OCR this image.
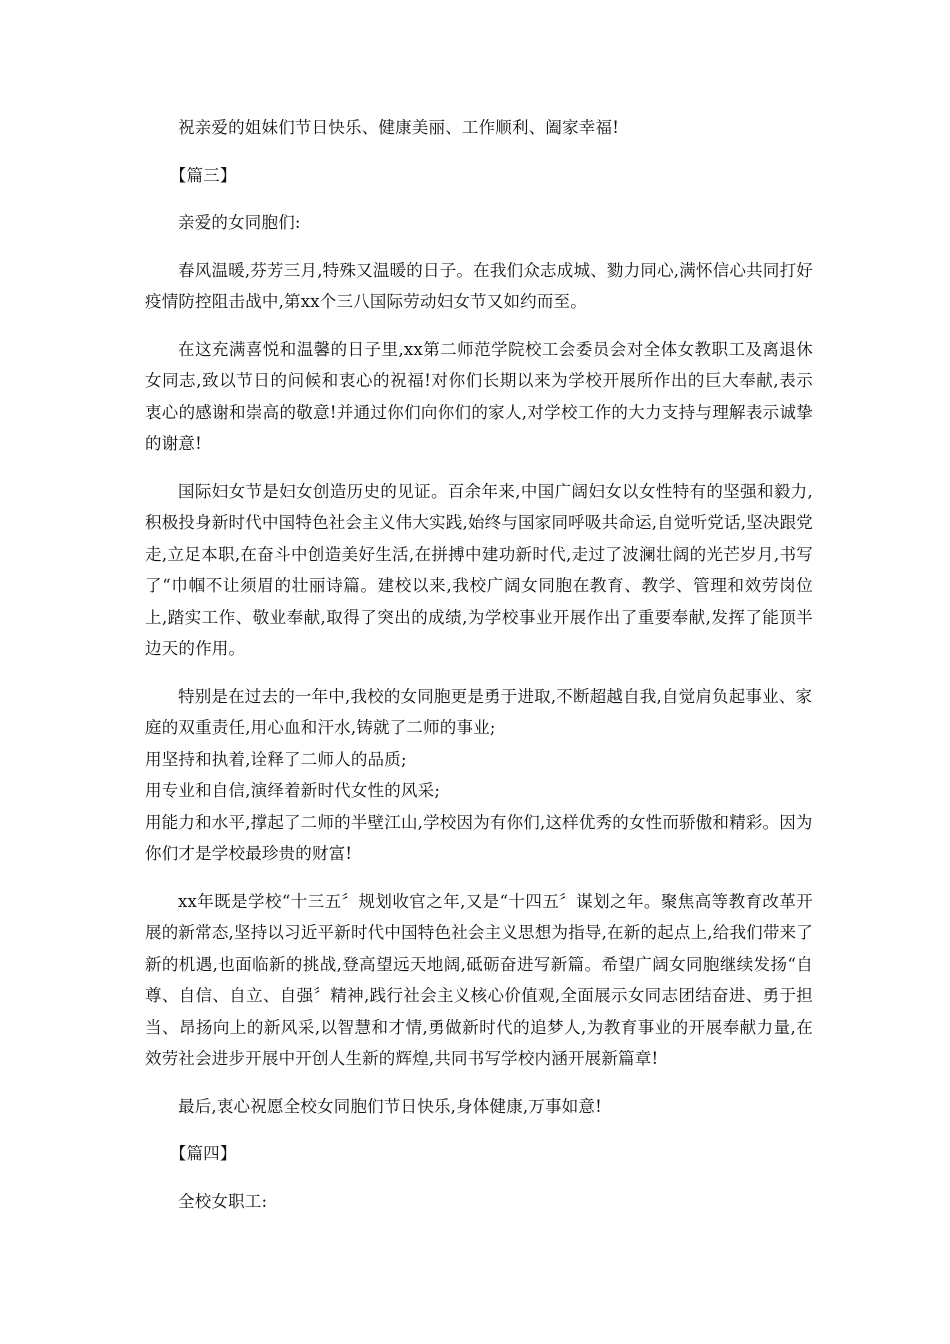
祝亲爱的姐妹们节日快乐、健康美丽、工作顺利、阖家幸福!

【篇三】

亲爱的女同胞们:

春风温暖,芬芳三月,特殊又温暖的日子。在我们众志成城、勠力同心,满怀信心共同打好疫情防控阻击战中,第xx个三八国际劳动妇女节又如约而至。

在这充满喜悦和温馨的日子里,xx第二师范学院校工会委员会对全体女教职工及离退休女同志,致以节日的问候和衷心的祝福!对你们长期以来为学校开展所作出的巨大奉献,表示衷心的感谢和崇高的敬意!并通过你们向你们的家人,对学校工作的大力支持与理解表示诚挚的谢意!

国际妇女节是妇女创造历史的见证。百余年来,中国广阔妇女以女性特有的坚强和毅力,积极投身新时代中国特色社会主义伟大实践,始终与国家同呼吸共命运,自觉听党话,坚决跟党走,立足本职,在奋斗中创造美好生活,在拼搏中建功新时代,走过了波澜壮阔的光芒岁月,书写了“巾帼不让须眉的壮丽诗篇。建校以来,我校广阔女同胞在教育、教学、管理和效劳岗位上,踏实工作、敬业奉献,取得了突出的成绩,为学校事业开展作出了重要奉献,发挥了能顶半边天的作用。

特别是在过去的一年中,我校的女同胞更是勇于进取,不断超越自我,自觉肩负起事业、家庭的双重责任,用心血和汗水,铸就了二师的事业;

用坚持和执着,诠释了二师人的品质;

用专业和自信,演绎着新时代女性的风采;

用能力和水平,撑起了二师的半壁江山,学校因为有你们,这样优秀的女性而骄傲和精彩。因为你们才是学校最珍贵的财富!

xx年既是学校“十三五〞规划收官之年,又是“十四五〞谋划之年。聚焦高等教育改革开展的新常态,坚持以习近平新时代中国特色社会主义思想为指导,在新的起点上,给我们带来了新的机遇,也面临新的挑战,登高望远天地阔,砥砺奋进写新篇。希望广阔女同胞继续发扬“自尊、自信、自立、自强〞精神,践行社会主义核心价值观,全面展示女同志团结奋进、勇于担当、昂扬向上的新风采,以智慧和才情,勇做新时代的追梦人,为教育事业的开展奉献力量,在效劳社会进步开展中开创人生新的辉煌,共同书写学校内涵开展新篇章!

最后,衷心祝愿全校女同胞们节日快乐,身体健康,万事如意!

【篇四】

全校女职工:
